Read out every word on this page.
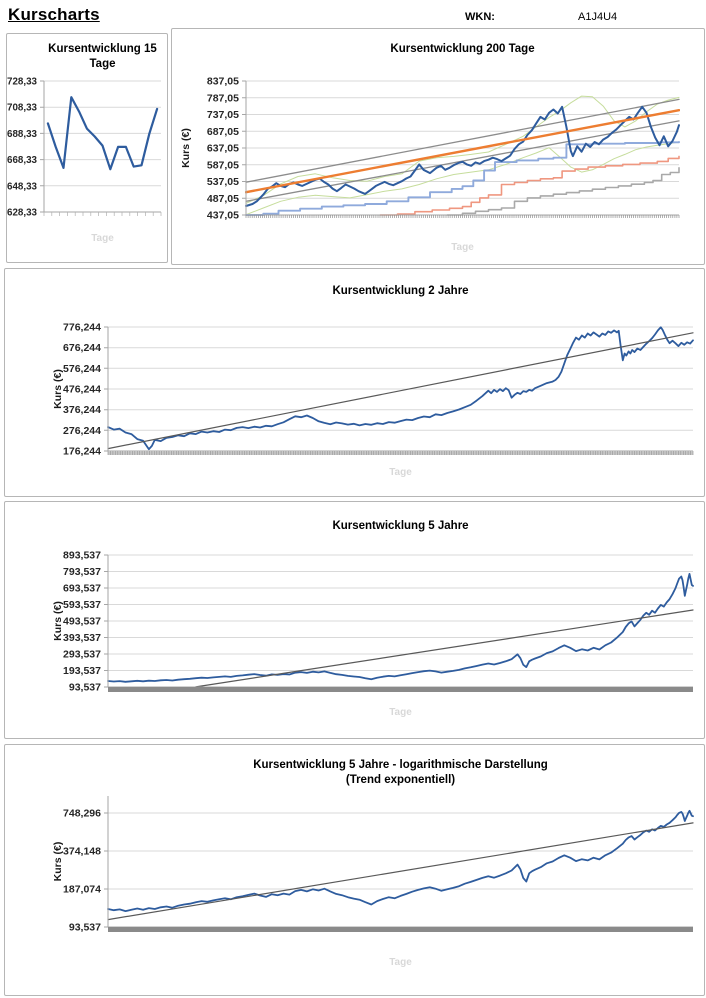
Kurscharts	WKN:	A1J4U4
Kursentwicklung 15
Tage
728,33
708,33
688,33
668,33
648,33
628,33
Tage
Kursentwicklung 200 Tage
837,05
787,05
737,05
687,05
637,05
587,05
537,05
487,05
437,05
Tage
Kurs (€)
Kursentwicklung 2 Jahre
776,244
676,244
576,244
476,244
376,244
276,244
176,244
Tage
Kurs (€)
Kursentwicklung 5 Jahre
893,537
793,537
693,537
593,537
493,537
393,537
293,537
193,537
93,537
Tage
Kurs (€)
Kursentwicklung 5 Jahre - logarithmische Darstellung
(Trend exponentiell)
748,296
374,148
187,074
93,537
Tage
Kurs (€)
